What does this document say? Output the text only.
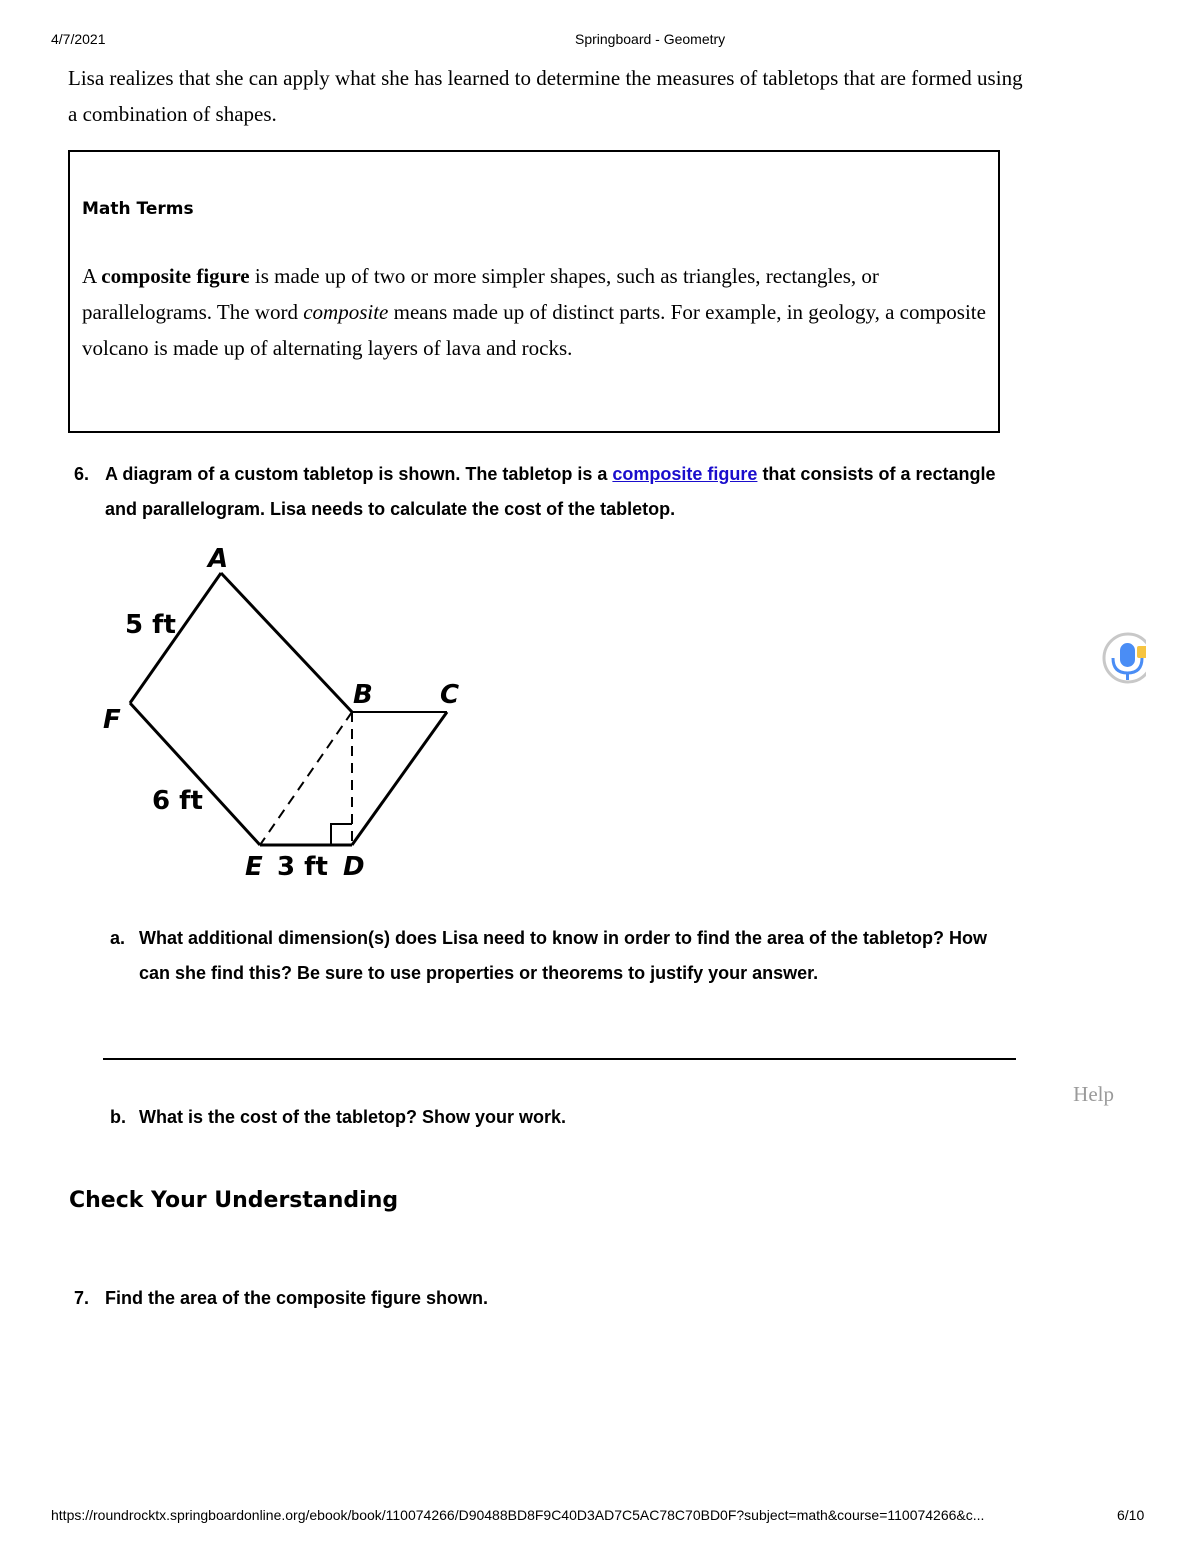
4/7/2021	Springboard - Geometry
Lisa realizes that she can apply what she has learned to determine the measures of tabletops that are formed using a combination of shapes.
Math Terms
A composite figure is made up of two or more simpler shapes, such as triangles, rectangles, or parallelograms. The word composite means made up of distinct parts. For example, in geology, a composite volcano is made up of alternating layers of lava and rocks.
6. A diagram of a custom tabletop is shown. The tabletop is a composite figure that consists of a rectangle and parallelogram. Lisa needs to calculate the cost of the tabletop.
A
B	C
F
E	D
5 ft
6 ft
3 ft
a. What additional dimension(s) does Lisa need to know in order to find the area of the tabletop? How can she find this? Be sure to use properties or theorems to justify your answer.
b. What is the cost of the tabletop? Show your work.
Help
Check Your Understanding
7. Find the area of the composite figure shown.
https://roundrocktx.springboardonline.org/ebook/book/110074266/D90488BD8F9C40D3AD7C5AC78C70BD0F?subject=math&course=110074266&c...	6/10
